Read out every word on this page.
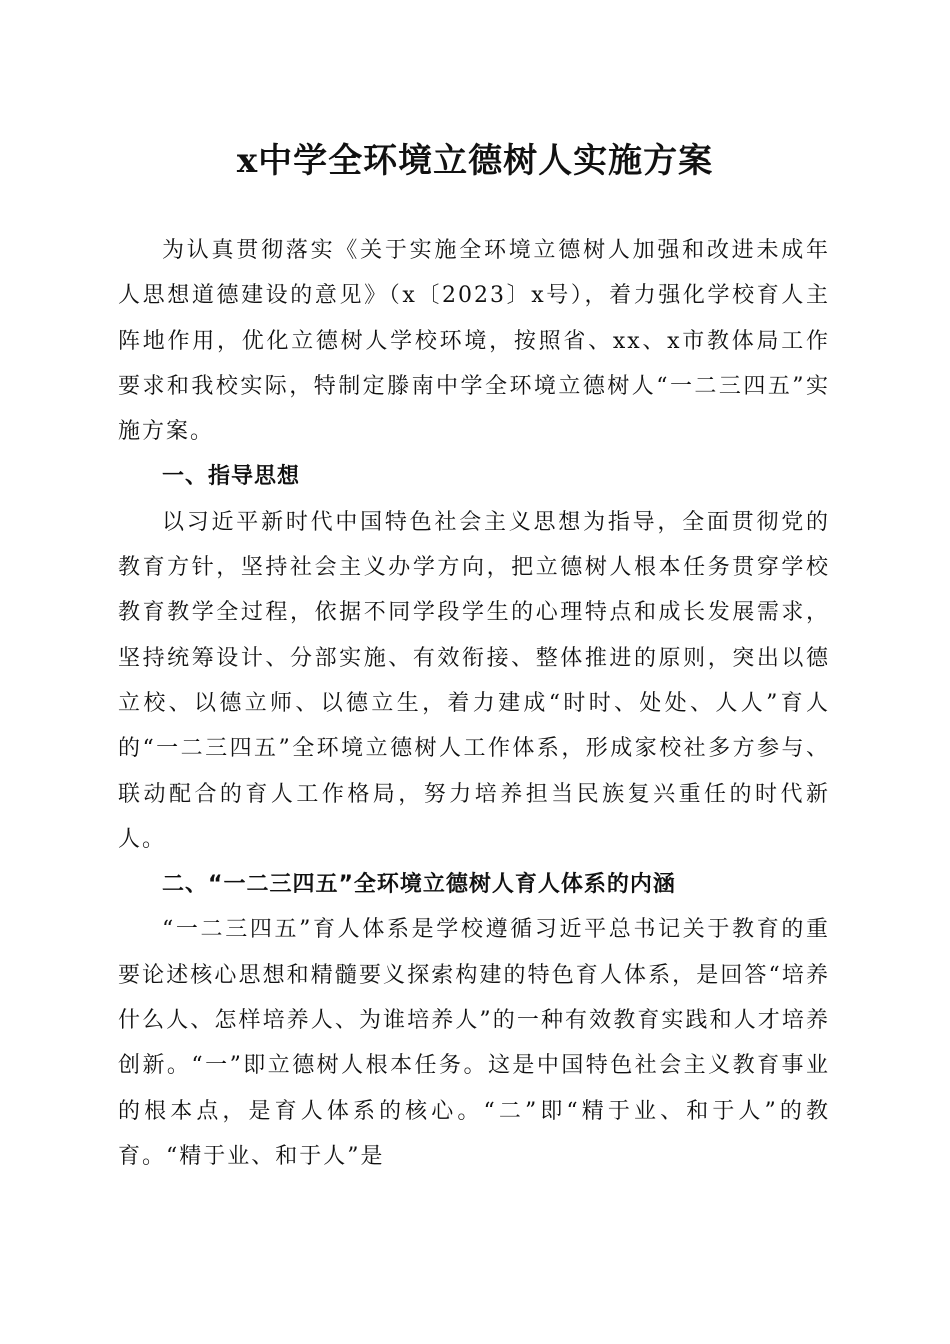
x中学全环境立德树人实施方案

为认真贯彻落实《关于实施全环境立德树人加强和改进未成年人思想道德建设的意见》（x〔2023〕x号），着力强化学校育人主阵地作用，优化立德树人学校环境，按照省、xx、x市教体局工作要求和我校实际，特制定滕南中学全环境立德树人“一二三四五”实施方案。

一、指导思想

以习近平新时代中国特色社会主义思想为指导，全面贯彻党的教育方针，坚持社会主义办学方向，把立德树人根本任务贯穿学校教育教学全过程，依据不同学段学生的心理特点和成长发展需求，坚持统筹设计、分部实施、有效衔接、整体推进的原则，突出以德立校、以德立师、以德立生，着力建成“时时、处处、人人”育人的“一二三四五”全环境立德树人工作体系，形成家校社多方参与、联动配合的育人工作格局，努力培养担当民族复兴重任的时代新人。

二、“一二三四五”全环境立德树人育人体系的内涵

“一二三四五”育人体系是学校遵循习近平总书记关于教育的重要论述核心思想和精髓要义探索构建的特色育人体系，是回答“培养什么人、怎样培养人、为谁培养人”的一种有效教育实践和人才培养创新。“一”即立德树人根本任务。这是中国特色社会主义教育事业的根本点，是育人体系的核心。“二”即“精于业、和于人”的教育。“精于业、和于人”是
